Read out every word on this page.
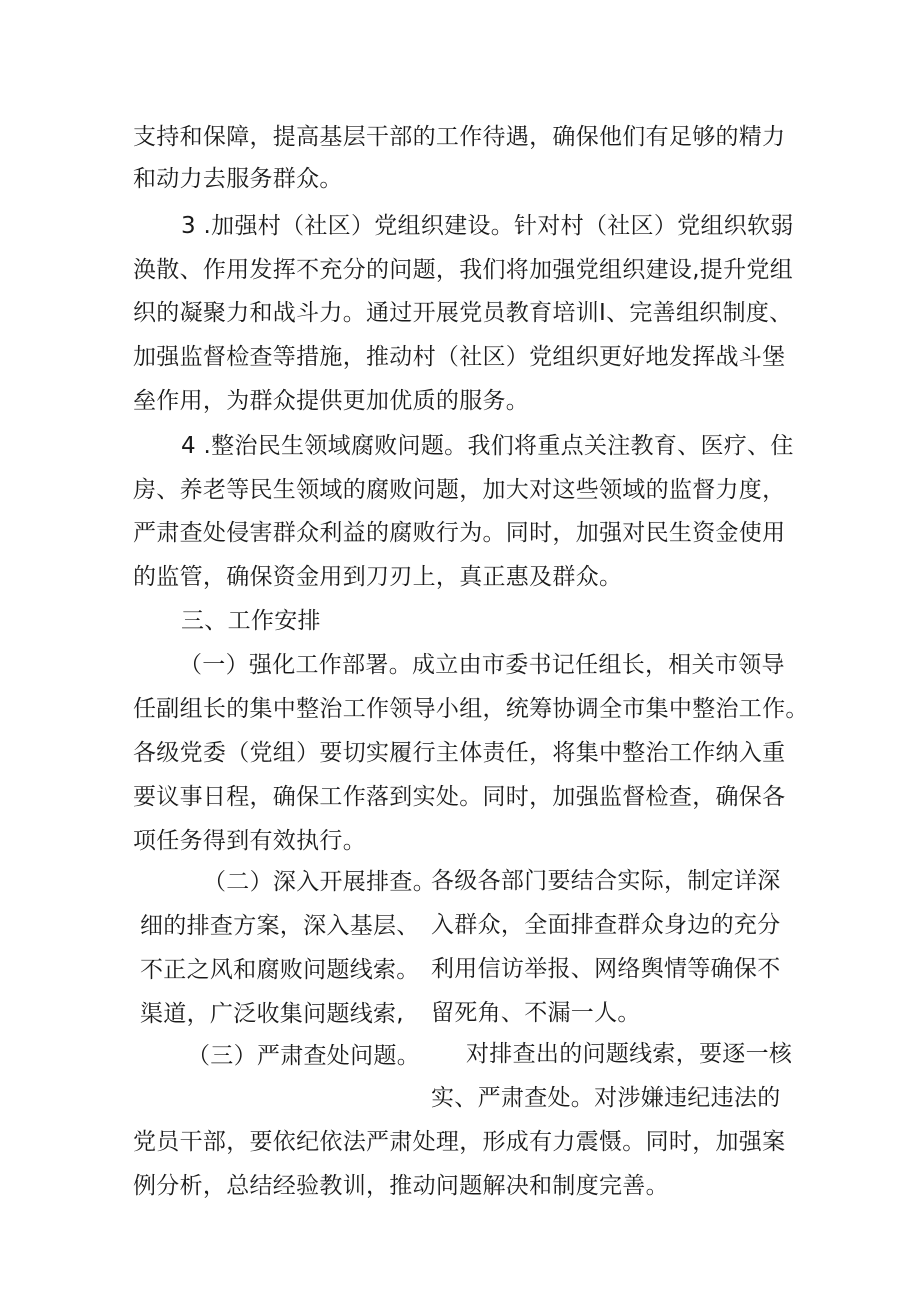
支持和保障，提高基层干部的工作待遇，确保他们有足够的精力
和动力去服务群众。
3 .加强村（社区）党组织建设。针对村（社区）党组织软弱
涣散、作用发挥不充分的问题，我们将加强党组织建设,提升党组
织的凝聚力和战斗力。通过开展党员教育培训I、完善组织制度、
加强监督检查等措施，推动村（社区）党组织更好地发挥战斗堡
垒作用，为群众提供更加优质的服务。
4 .整治民生领域腐败问题。我们将重点关注教育、医疗、住
房、养老等民生领域的腐败问题，加大对这些领域的监督力度，
严肃查处侵害群众利益的腐败行为。同时，加强对民生资金使用
的监管，确保资金用到刀刃上，真正惠及群众。
三、工作安排
（一）强化工作部署。成立由市委书记任组长，相关市领导
任副组长的集中整治工作领导小组，统筹协调全市集中整治工作。
各级党委（党组）要切实履行主体责任，将集中整治工作纳入重
要议事日程，确保工作落到实处。同时，加强监督检查，确保各
项任务得到有效执行。
（二）深入开展排查。
细的排查方案，深入基层、
不正之风和腐败问题线索。
渠道，广泛收集问题线索,
各级各部门要结合实际，制定详深
入群众，全面排查群众身边的充分
利用信访举报、网络舆情等确保不
留死角、不漏一人。
（三）严肃查处问题。 对排查出的问题线索，要逐一核
实、严肃查处。对涉嫌违纪违法的
党员干部，要依纪依法严肃处理，形成有力震慑。同时，加强案
例分析，总结经验教训，推动问题解决和制度完善。
